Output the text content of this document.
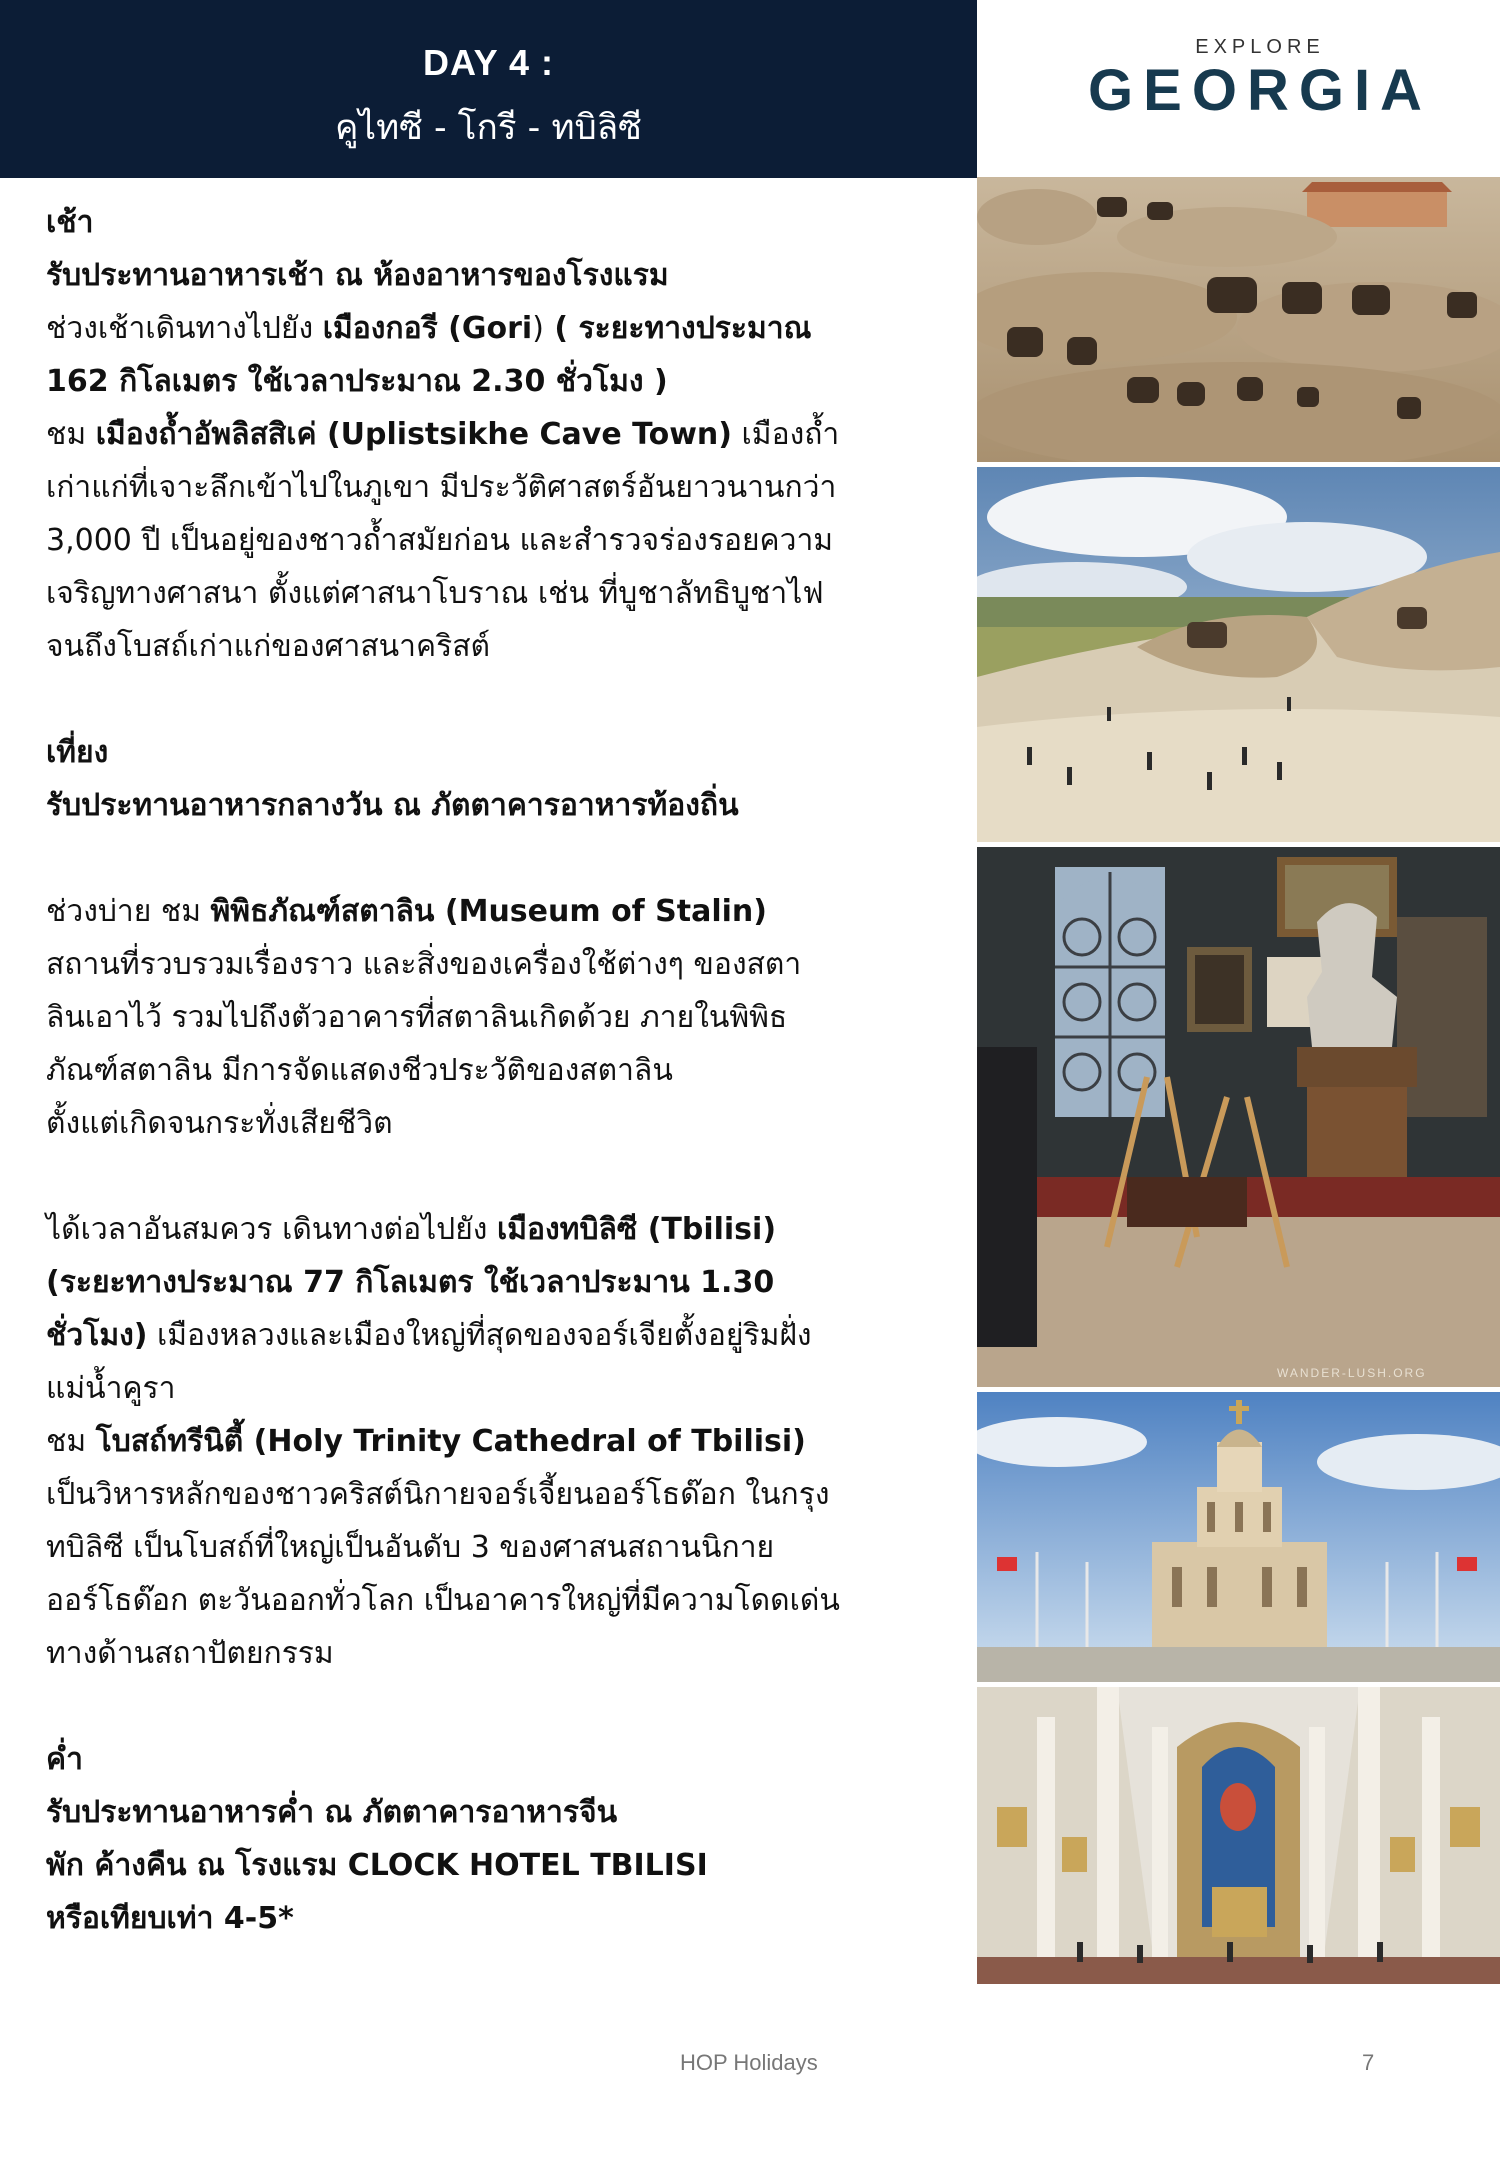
DAY 4 :
คูไทซี - โกรี - ทบิลิซี
EXPLORE
GEORGIA
WANDER-LUSH.ORG

เช้า

รับประทานอาหารเช้า ณ ห้องอาหารของโรงแรม

ช่วงเช้าเดินทางไปยัง เมืองกอรี (Gori) ( ระยะทางประมาณ 162 กิโลเมตร ใช้เวลาประมาณ 2.30 ชั่วโมง )

ชม เมืองถ้ำอัพลิสสิเค่ (Uplistsikhe Cave Town) เมืองถ้ำเก่าแก่ที่เจาะลึกเข้าไปในภูเขา มีประวัติศาสตร์อันยาวนานกว่า 3,000 ปี เป็นอยู่ของชาวถ้ำสมัยก่อน และสำรวจร่องรอยความเจริญทางศาสนา ตั้งแต่ศาสนาโบราณ เช่น ที่บูชาลัทธิบูชาไฟ จนถึงโบสถ์เก่าแก่ของศาสนาคริสต์

เที่ยง

รับประทานอาหารกลางวัน ณ ภัตตาคารอาหารท้องถิ่น

ช่วงบ่าย ชม พิพิธภัณฑ์สตาลิน (Museum of Stalin)

สถานที่รวบรวมเรื่องราว และสิ่งของเครื่องใช้ต่างๆ ของสตาลินเอาไว้ รวมไปถึงตัวอาคารที่สตาลินเกิดด้วย ภายในพิพิธภัณฑ์สตาลิน มีการจัดแสดงชีวประวัติของสตาลิน

ตั้งแต่เกิดจนกระทั่งเสียชีวิต

ได้เวลาอันสมควร เดินทางต่อไปยัง เมืองทบิลิซี (Tbilisi) (ระยะทางประมาณ 77 กิโลเมตร ใช้เวลาประมาน 1.30 ชั่วโมง) เมืองหลวงและเมืองใหญ่ที่สุดของจอร์เจียตั้งอยู่ริมฝั่งแม่น้ำคูรา

ชม โบสถ์ทรีนิตี้ (Holy Trinity Cathedral of Tbilisi) เป็นวิหารหลักของชาวคริสต์นิกายจอร์เจี้ยนออร์โธด๊อก ในกรุงทบิลิซี เป็นโบสถ์ที่ใหญ่เป็นอันดับ 3 ของศาสนสถานนิกาย ออร์โธด๊อก ตะวันออกทั่วโลก เป็นอาคารใหญ่ที่มีความโดดเด่นทางด้านสถาปัตยกรรม

ค่ำ

รับประทานอาหารค่ำ ณ ภัตตาคารอาหารจีน

พัก ค้างคืน ณ โรงแรม CLOCK HOTEL TBILISI

หรือเทียบเท่า 4-5*

HOP Holidays	7
